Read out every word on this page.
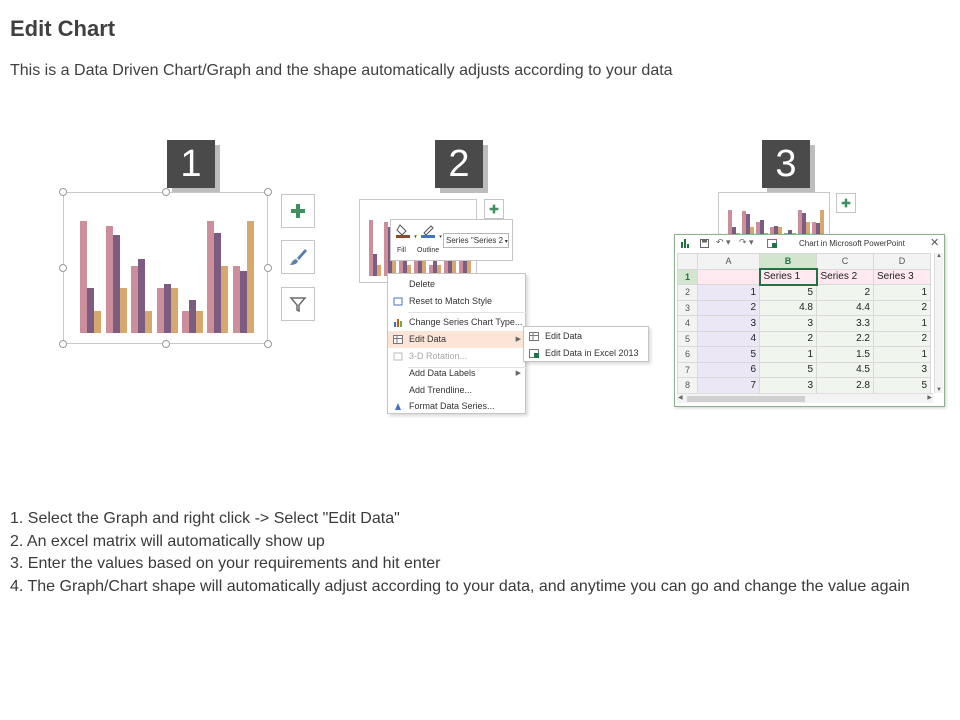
Edit Chart
This is a Data Driven Chart/Graph and the shape automatically adjusts according to your data
1	2	3
▾	▾
Fill Outline
Series "Series 2 ▾
Delete
Reset to Match Style
Change Series Chart Type...
Edit Data	▶
3-D Rotation...
Add Data Labels	▶
Add Trendline...
Format Data Series...
Edit Data
Edit Data in Excel 2013
↶ ▾ ↷ ▾	Chart in Microsoft PowerPoint ✕
	A	B	C	D
1		Series 1	Series 2	Series 3
2	1	5	2	1
3	2	4.8	4.4	2
4	3	3	3.3	1
5	4	2	2.2	2
6	5	1	1.5	1
7	6	5	4.5	3
8	7	3	2.8	5
▲
▼
◀	▶
1. Select the Graph and right click -> Select "Edit Data"
2. An excel matrix will automatically show up
3. Enter the values based on your requirements and hit enter
4. The Graph/Chart shape will automatically adjust according to your data, and anytime you can go and change the value again
